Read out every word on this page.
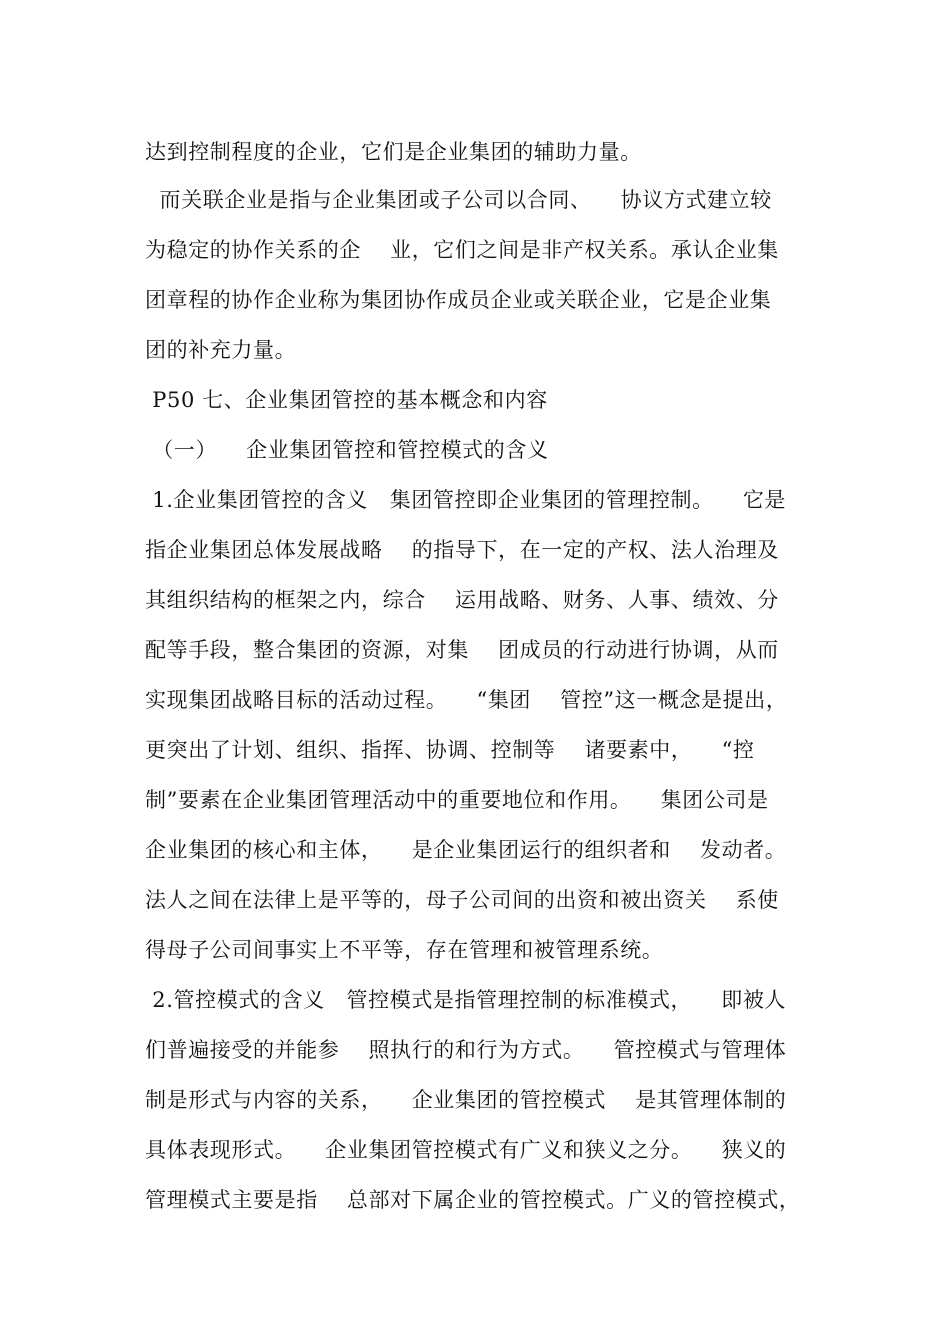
达到控制程度的企业，它们是企业集团的辅助力量。
而关联企业是指与企业集团或子公司以合同、    协议方式建立较
为稳定的协作关系的企    业，它们之间是非产权关系。承认企业集
团章程的协作企业称为集团协作成员企业或关联企业，它是企业集
团的补充力量。
P50 七、企业集团管控的基本概念和内容
（一）    企业集团管控和管控模式的含义
1.企业集团管控的含义   集团管控即企业集团的管理控制。    它是
指企业集团总体发展战略    的指导下，在一定的产权、法人治理及
其组织结构的框架之内，综合    运用战略、财务、人事、绩效、分
配等手段，整合集团的资源，对集    团成员的行动进行协调，从而
实现集团战略目标的活动过程。    “集团    管控”这一概念是提出，
更突出了计划、组织、指挥、协调、控制等    诸要素中，    “控
制”要素在企业集团管理活动中的重要地位和作用。    集团公司是
企业集团的核心和主体，    是企业集团运行的组织者和    发动者。
法人之间在法律上是平等的，母子公司间的出资和被出资关    系使
得母子公司间事实上不平等，存在管理和被管理系统。
2.管控模式的含义   管控模式是指管理控制的标准模式，    即被人
们普遍接受的并能参    照执行的和行为方式。    管控模式与管理体
制是形式与内容的关系，    企业集团的管控模式    是其管理体制的
具体表现形式。    企业集团管控模式有广义和狭义之分。    狭义的
管理模式主要是指    总部对下属企业的管控模式。广义的管控模式，
